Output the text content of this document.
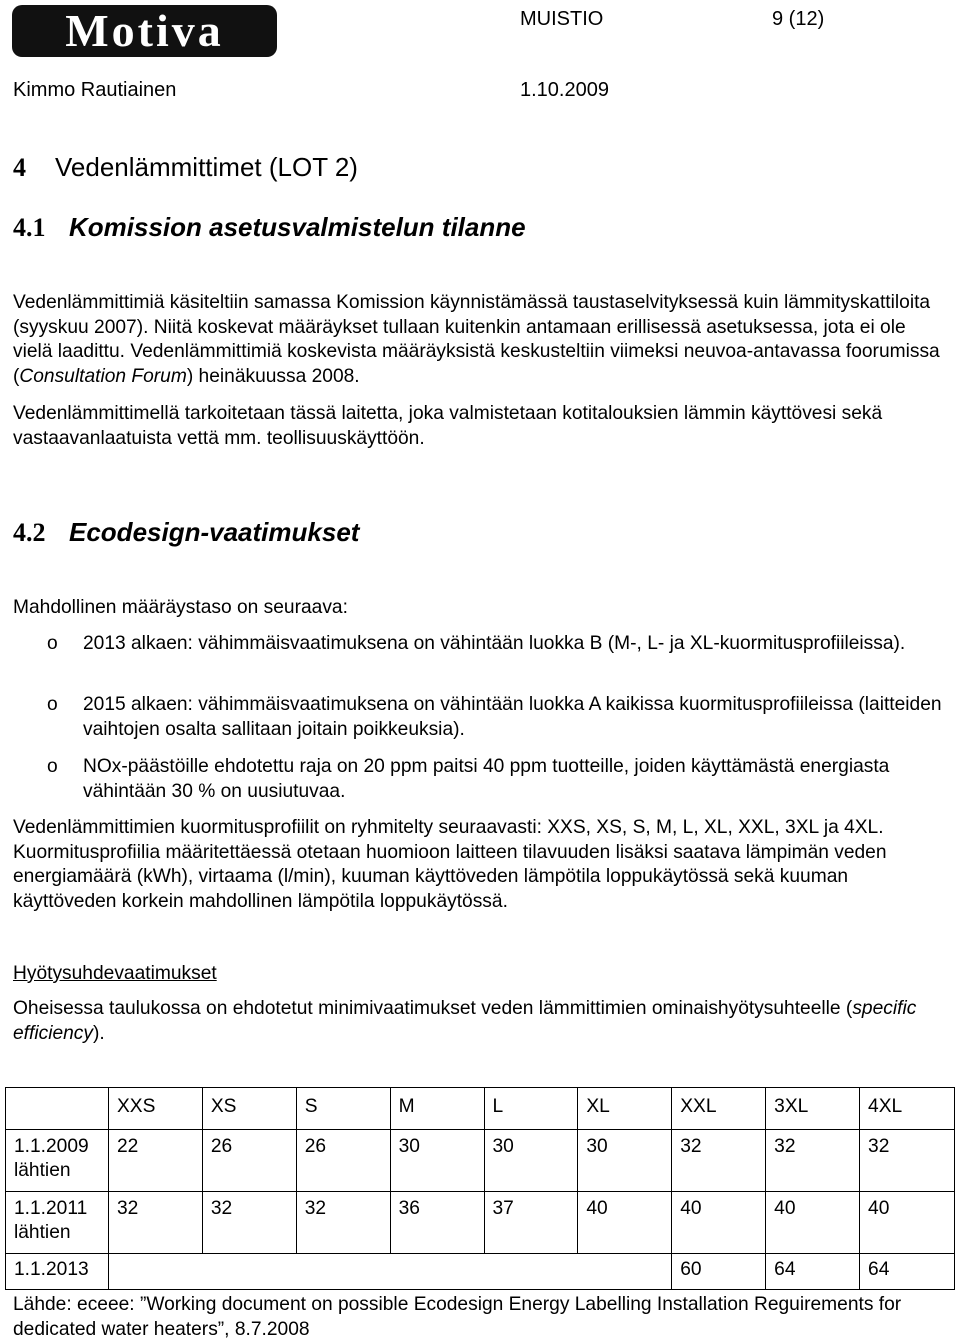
Motiva	MUISTIO	9 (12)
Kimmo Rautiainen	1.10.2009
4 Vedenlämmittimet (LOT 2)
4.1 Komission asetusvalmistelun tilanne

Vedenlämmittimiä käsiteltiin samassa Komission käynnistämässä taustaselvityksessä kuin lämmityskattiloita (syyskuu 2007). Niitä koskevat määräykset tullaan kuitenkin antamaan erillisessä asetuksessa, jota ei ole vielä laadittu. Vedenlämmittimiä koskevista määräyksistä keskusteltiin viimeksi neuvoa-antavassa foorumissa (Consultation Forum) heinäkuussa 2008.

Vedenlämmittimellä tarkoitetaan tässä laitetta, joka valmistetaan kotitalouksien lämmin käyttövesi sekä vastaavanlaatuista vettä mm. teollisuuskäyttöön.

4.2 Ecodesign-vaatimukset

Mahdollinen määräystaso on seuraava:

o 2013 alkaen: vähimmäisvaatimuksena on vähintään luokka B (M-, L- ja XL-kuormitusprofiileissa).
o 2015 alkaen: vähimmäisvaatimuksena on vähintään luokka A kaikissa kuormitusprofiileissa (laitteiden vaihtojen osalta sallitaan joitain poikkeuksia).
o NOx-päästöille ehdotettu raja on 20 ppm paitsi 40 ppm tuotteille, joiden käyttämästä energiasta vähintään 30 % on uusiutuvaa.

Vedenlämmittimien kuormitusprofiilit on ryhmitelty seuraavasti: XXS, XS, S, M, L, XL, XXL, 3XL ja 4XL. Kuormitusprofiilia määritettäessä otetaan huomioon laitteen tilavuuden lisäksi saatava lämpimän veden energiamäärä (kWh), virtaama (l/min), kuuman käyttöveden lämpötila loppukäytössä sekä kuuman käyttöveden korkein mahdollinen lämpötila loppukäytössä.

Hyötysuhdevaatimukset

Oheisessa taulukossa on ehdotetut minimivaatimukset veden lämmittimien ominaishyötysuhteelle (specific efficiency).

	XXS	XS	S	M	L	XL	XXL	3XL	4XL
1.1.2009 lähtien	22	26	26	30	30	30	32	32	32
1.1.2011 lähtien	32	32	32	36	37	40	40	40	40
1.1.2013							60	64	64
Lähde: eceee: ”Working document on possible Ecodesign Energy Labelling Installation Reguirements for dedicated water heaters”, 8.7.2008
